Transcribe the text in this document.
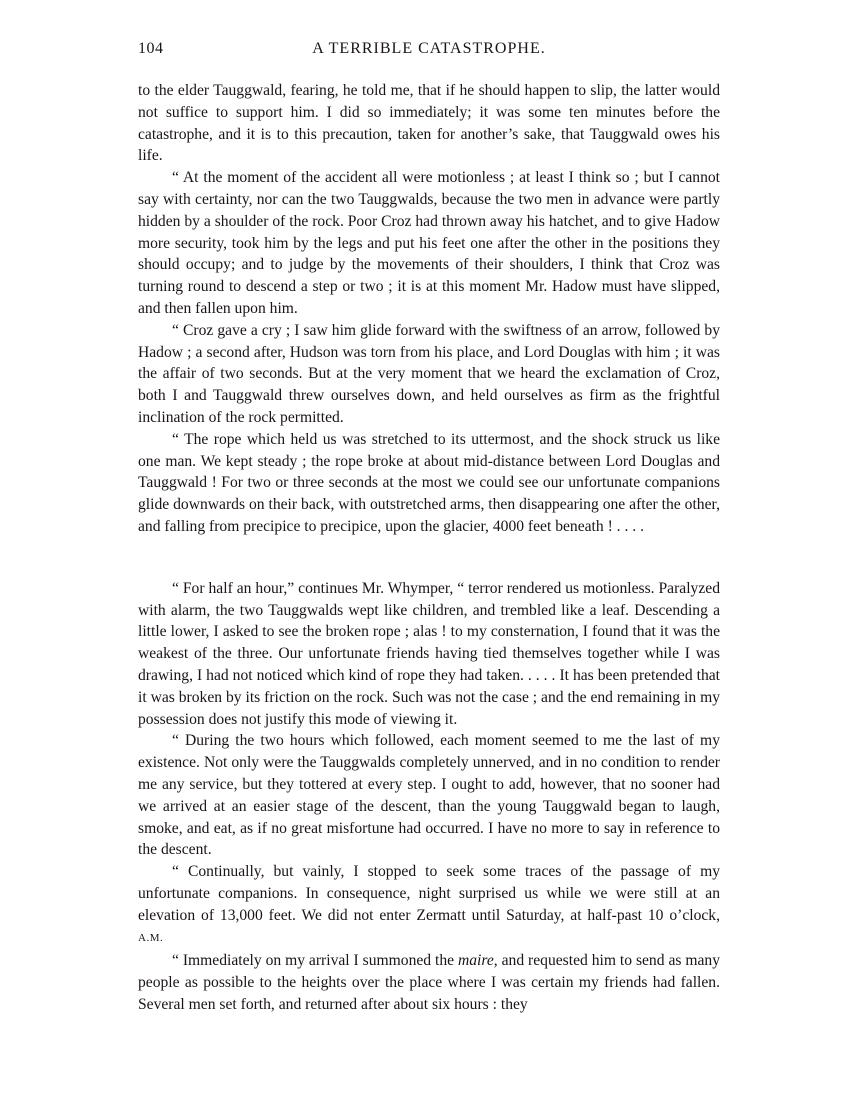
104	A TERRIBLE CATASTROPHE.

to the elder Tauggwald, fearing, he told me, that if he should happen to slip, the latter would not suffice to support him. I did so immediately; it was some ten minutes before the catastrophe, and it is to this precaution, taken for another’s sake, that Tauggwald owes his life.

“ At the moment of the accident all were motionless ; at least I think so ; but I cannot say with certainty, nor can the two Tauggwalds, because the two men in advance were partly hidden by a shoulder of the rock. Poor Croz had thrown away his hatchet, and to give Hadow more security, took him by the legs and put his feet one after the other in the positions they should occupy; and to judge by the movements of their shoulders, I think that Croz was turning round to descend a step or two ; it is at this moment Mr. Hadow must have slipped, and then fallen upon him.

“ Croz gave a cry ; I saw him glide forward with the swiftness of an arrow, followed by Hadow ; a second after, Hudson was torn from his place, and Lord Douglas with him ; it was the affair of two seconds. But at the very moment that we heard the exclamation of Croz, both I and Tauggwald threw ourselves down, and held ourselves as firm as the frightful inclination of the rock permitted.

“ The rope which held us was stretched to its uttermost, and the shock struck us like one man. We kept steady ; the rope broke at about mid-distance between Lord Douglas and Tauggwald ! For two or three seconds at the most we could see our unfortunate companions glide downwards on their back, with outstretched arms, then disappearing one after the other, and falling from precipice to precipice, upon the glacier, 4000 feet beneath ! . . . .

“ For half an hour,” continues Mr. Whymper, “ terror rendered us motionless. Paralyzed with alarm, the two Tauggwalds wept like children, and trembled like a leaf. Descending a little lower, I asked to see the broken rope ; alas ! to my consternation, I found that it was the weakest of the three. Our unfortunate friends having tied themselves together while I was drawing, I had not noticed which kind of rope they had taken. . . . . It has been pretended that it was broken by its friction on the rock. Such was not the case ; and the end remaining in my possession does not justify this mode of viewing it.

“ During the two hours which followed, each moment seemed to me the last of my existence. Not only were the Tauggwalds completely unnerved, and in no condition to render me any service, but they tottered at every step. I ought to add, however, that no sooner had we arrived at an easier stage of the descent, than the young Tauggwald began to laugh, smoke, and eat, as if no great misfortune had occurred. I have no more to say in reference to the descent.

“ Continually, but vainly, I stopped to seek some traces of the passage of my unfortunate companions. In consequence, night surprised us while we were still at an elevation of 13,000 feet. We did not enter Zermatt until Saturday, at half-past 10 o’clock, A.M.

“ Immediately on my arrival I summoned the maire, and requested him to send as many people as possible to the heights over the place where I was certain my friends had fallen. Several men set forth, and returned after about six hours : they
